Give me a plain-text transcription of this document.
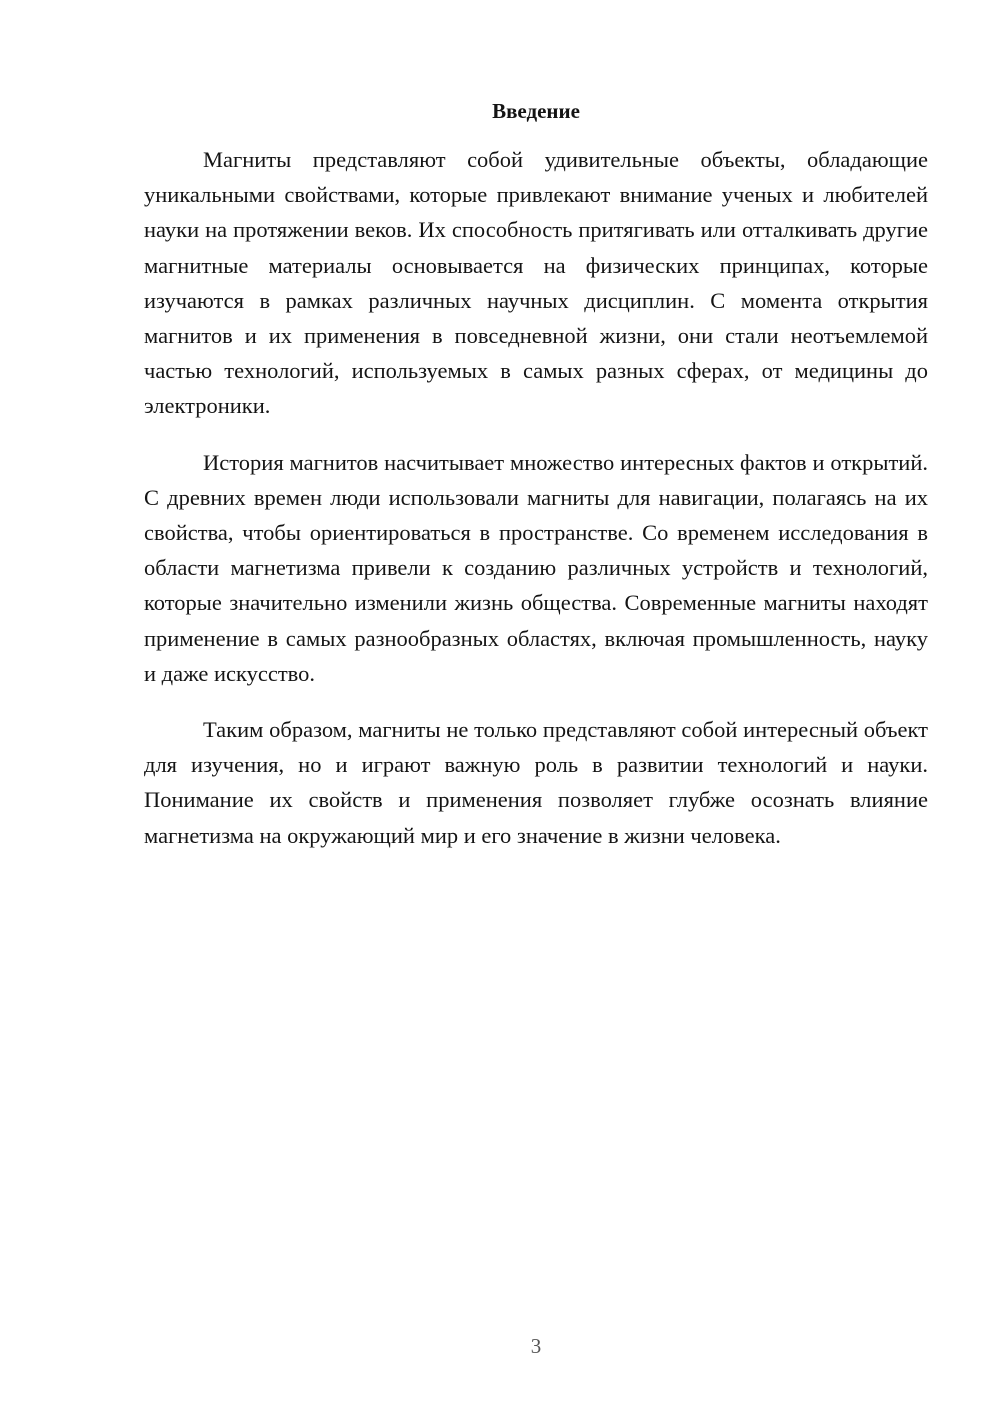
Введение

Магниты представляют собой удивительные объекты, обладающие уникальными свойствами, которые привлекают внимание ученых и любителей науки на протяжении веков. Их способность притягивать или отталкивать другие магнитные материалы основывается на физических принципах, которые изучаются в рамках различных научных дисциплин. С момента открытия магнитов и их применения в повседневной жизни, они стали неотъемлемой частью технологий, используемых в самых разных сферах, от медицины до электроники.

История магнитов насчитывает множество интересных фактов и открытий. С древних времен люди использовали магниты для навигации, полагаясь на их свойства, чтобы ориентироваться в пространстве. Со временем исследования в области магнетизма привели к созданию различных устройств и технологий, которые значительно изменили жизнь общества. Современные магниты находят применение в самых разнообразных областях, включая промышленность, науку и даже искусство.

Таким образом, магниты не только представляют собой интересный объект для изучения, но и играют важную роль в развитии технологий и науки. Понимание их свойств и применения позволяет глубже осознать влияние магнетизма на окружающий мир и его значение в жизни человека.

3
